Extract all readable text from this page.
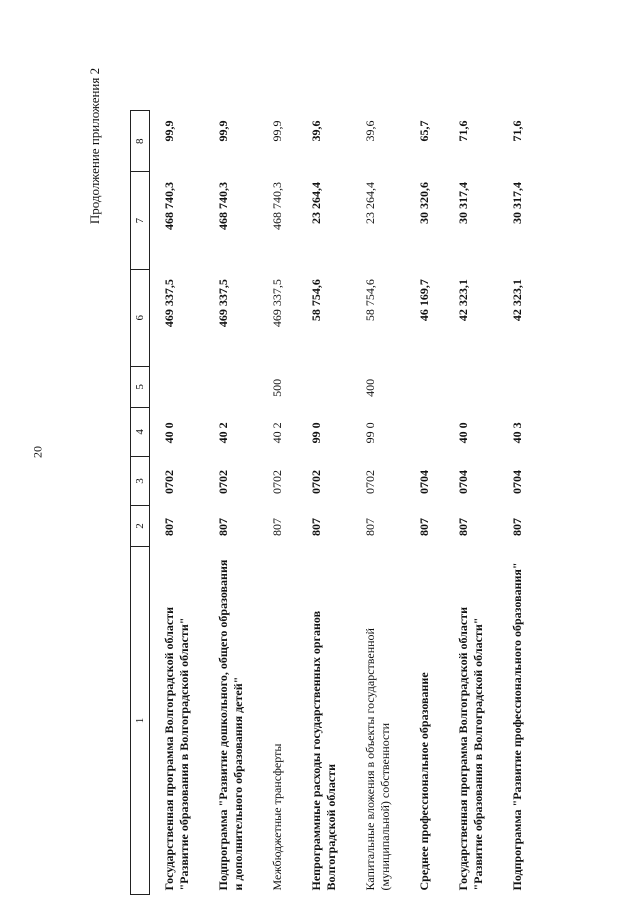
20
Продолжение приложения 2
1	2	3	4	5	6	7	8
Государственная программа Волгоградской области "Развитие образования в Волгоградской области"	807	0702	40 0		469 337,5	468 740,3	99,9
Подпрограмма "Развитие дошкольного, общего образования и дополнительного образования детей"	807	0702	40 2		469 337,5	468 740,3	99,9
Межбюджетные трансферты	807	0702	40 2	500	469 337,5	468 740,3	99,9
Непрограммные расходы государственных органов Волгоградской области	807	0702	99 0		58 754,6	23 264,4	39,6
Капитальные вложения в объекты государственной (муниципальной) собственности	807	0702	99 0	400	58 754,6	23 264,4	39,6
Среднее профессиональное образование	807	0704			46 169,7	30 320,6	65,7
Государственная программа Волгоградской области "Развитие образования в Волгоградской области"	807	0704	40 0		42 323,1	30 317,4	71,6
Подпрограмма "Развитие профессионального образования"	807	0704	40 3		42 323,1	30 317,4	71,6
